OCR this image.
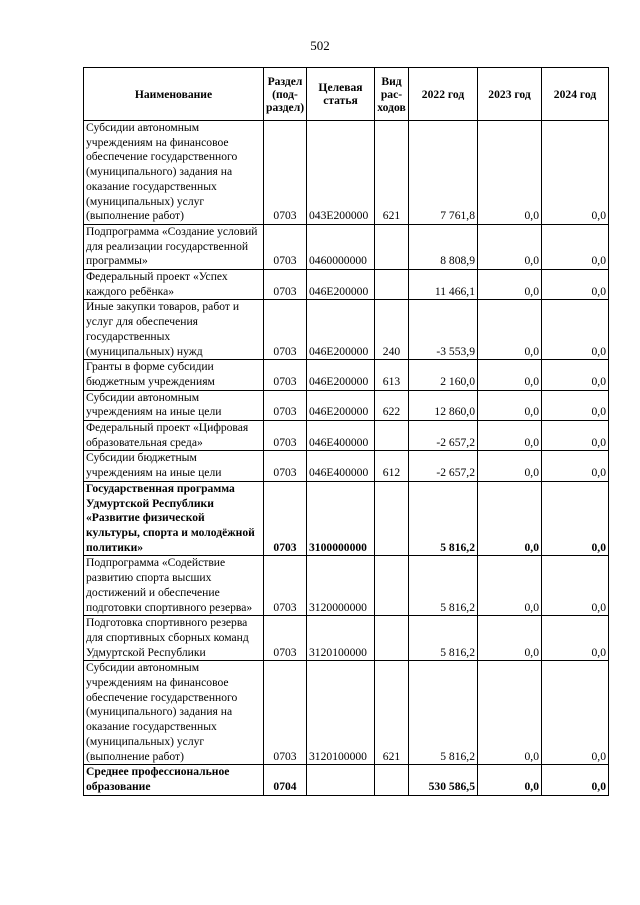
502
Наименование	Раздел (под-раздел)	Целевая статья	Вид рас-ходов	2022 год	2023 год	2024 год
Субсидии автономным учреждениям на финансовое обеспечение государственного (муниципального) задания на оказание государственных (муниципальных) услуг (выполнение работ)	0703	043E200000	621	7 761,8	0,0	0,0
Подпрограмма «Создание условий для реализации государственной программы»	0703	0460000000		8 808,9	0,0	0,0
Федеральный проект «Успех каждого ребёнка»	0703	046E200000		11 466,1	0,0	0,0
Иные закупки товаров, работ и услуг для обеспечения государственных (муниципальных) нужд	0703	046E200000	240	-3 553,9	0,0	0,0
Гранты в форме субсидии бюджетным учреждениям	0703	046E200000	613	2 160,0	0,0	0,0
Субсидии автономным учреждениям на иные цели	0703	046E200000	622	12 860,0	0,0	0,0
Федеральный проект «Цифровая образовательная среда»	0703	046E400000		-2 657,2	0,0	0,0
Субсидии бюджетным учреждениям на иные цели	0703	046E400000	612	-2 657,2	0,0	0,0
Государственная программа Удмуртской Республики «Развитие физической культуры, спорта и молодёжной политики»	0703	3100000000		5 816,2	0,0	0,0
Подпрограмма «Содействие развитию спорта высших достижений и обеспечение подготовки спортивного резерва»	0703	3120000000		5 816,2	0,0	0,0
Подготовка спортивного резерва для спортивных сборных команд Удмуртской Республики	0703	3120100000		5 816,2	0,0	0,0
Субсидии автономным учреждениям на финансовое обеспечение государственного (муниципального) задания на оказание государственных (муниципальных) услуг (выполнение работ)	0703	3120100000	621	5 816,2	0,0	0,0
Среднее профессиональное образование	0704			530 586,5	0,0	0,0
